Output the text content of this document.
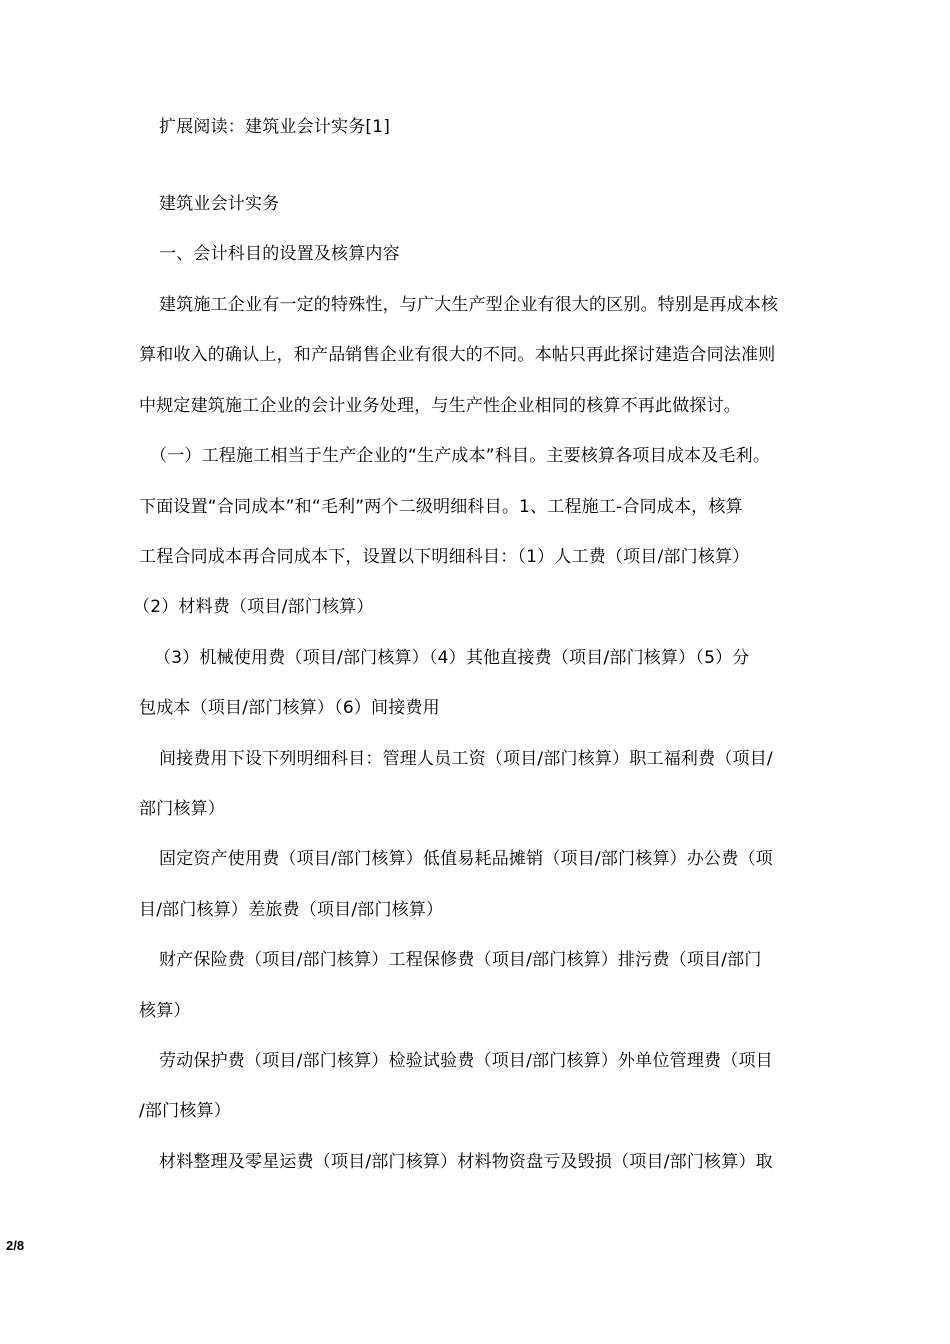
扩展阅读：建筑业会计实务[1]
建筑业会计实务
一、会计科目的设置及核算内容
建筑施工企业有一定的特殊性，与广大生产型企业有很大的区别。特别是再成本核
算和收入的确认上，和产品销售企业有很大的不同。本帖只再此探讨建造合同法准则
中规定建筑施工企业的会计业务处理，与生产性企业相同的核算不再此做探讨。
（一）工程施工相当于生产企业的“生产成本”科目。主要核算各项目成本及毛利。
下面设置“合同成本”和“毛利”两个二级明细科目。1、工程施工-合同成本，核算
工程合同成本再合同成本下，设置以下明细科目：（1）人工费（项目/部门核算）
（2）材料费（项目/部门核算）
（3）机械使用费（项目/部门核算）（4）其他直接费（项目/部门核算）（5）分
包成本（项目/部门核算）（6）间接费用
间接费用下设下列明细科目：管理人员工资（项目/部门核算）职工福利费（项目/
部门核算）
固定资产使用费（项目/部门核算）低值易耗品摊销（项目/部门核算）办公费（项
目/部门核算）差旅费（项目/部门核算）
财产保险费（项目/部门核算）工程保修费（项目/部门核算）排污费（项目/部门
核算）
劳动保护费（项目/部门核算）检验试验费（项目/部门核算）外单位管理费（项目
/部门核算）
材料整理及零星运费（项目/部门核算）材料物资盘亏及毁损（项目/部门核算）取
2/8
